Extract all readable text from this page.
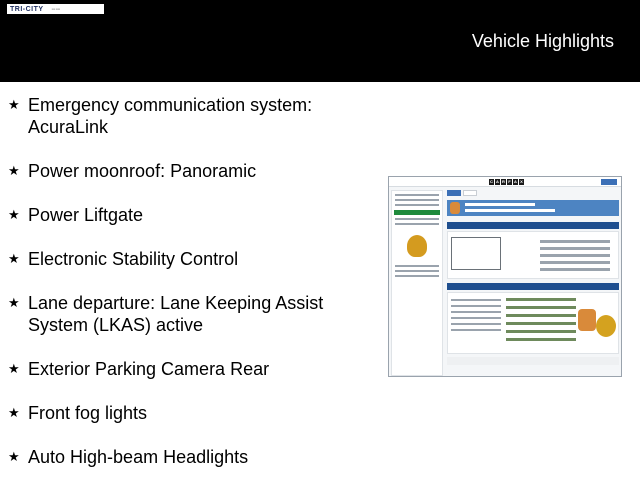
TRI-CITY	▪▪▪ ▪▪▪▪
Vehicle Highlights
★ Emergency communication system: AcuraLink
★ Power moonroof: Panoramic
★ Power Liftgate
★ Electronic Stability Control
★ Lane departure: Lane Keeping Assist System (LKAS) active
★ Exterior Parking Camera Rear
★ Front fog lights
★ Auto High-beam Headlights
C A R F A X
